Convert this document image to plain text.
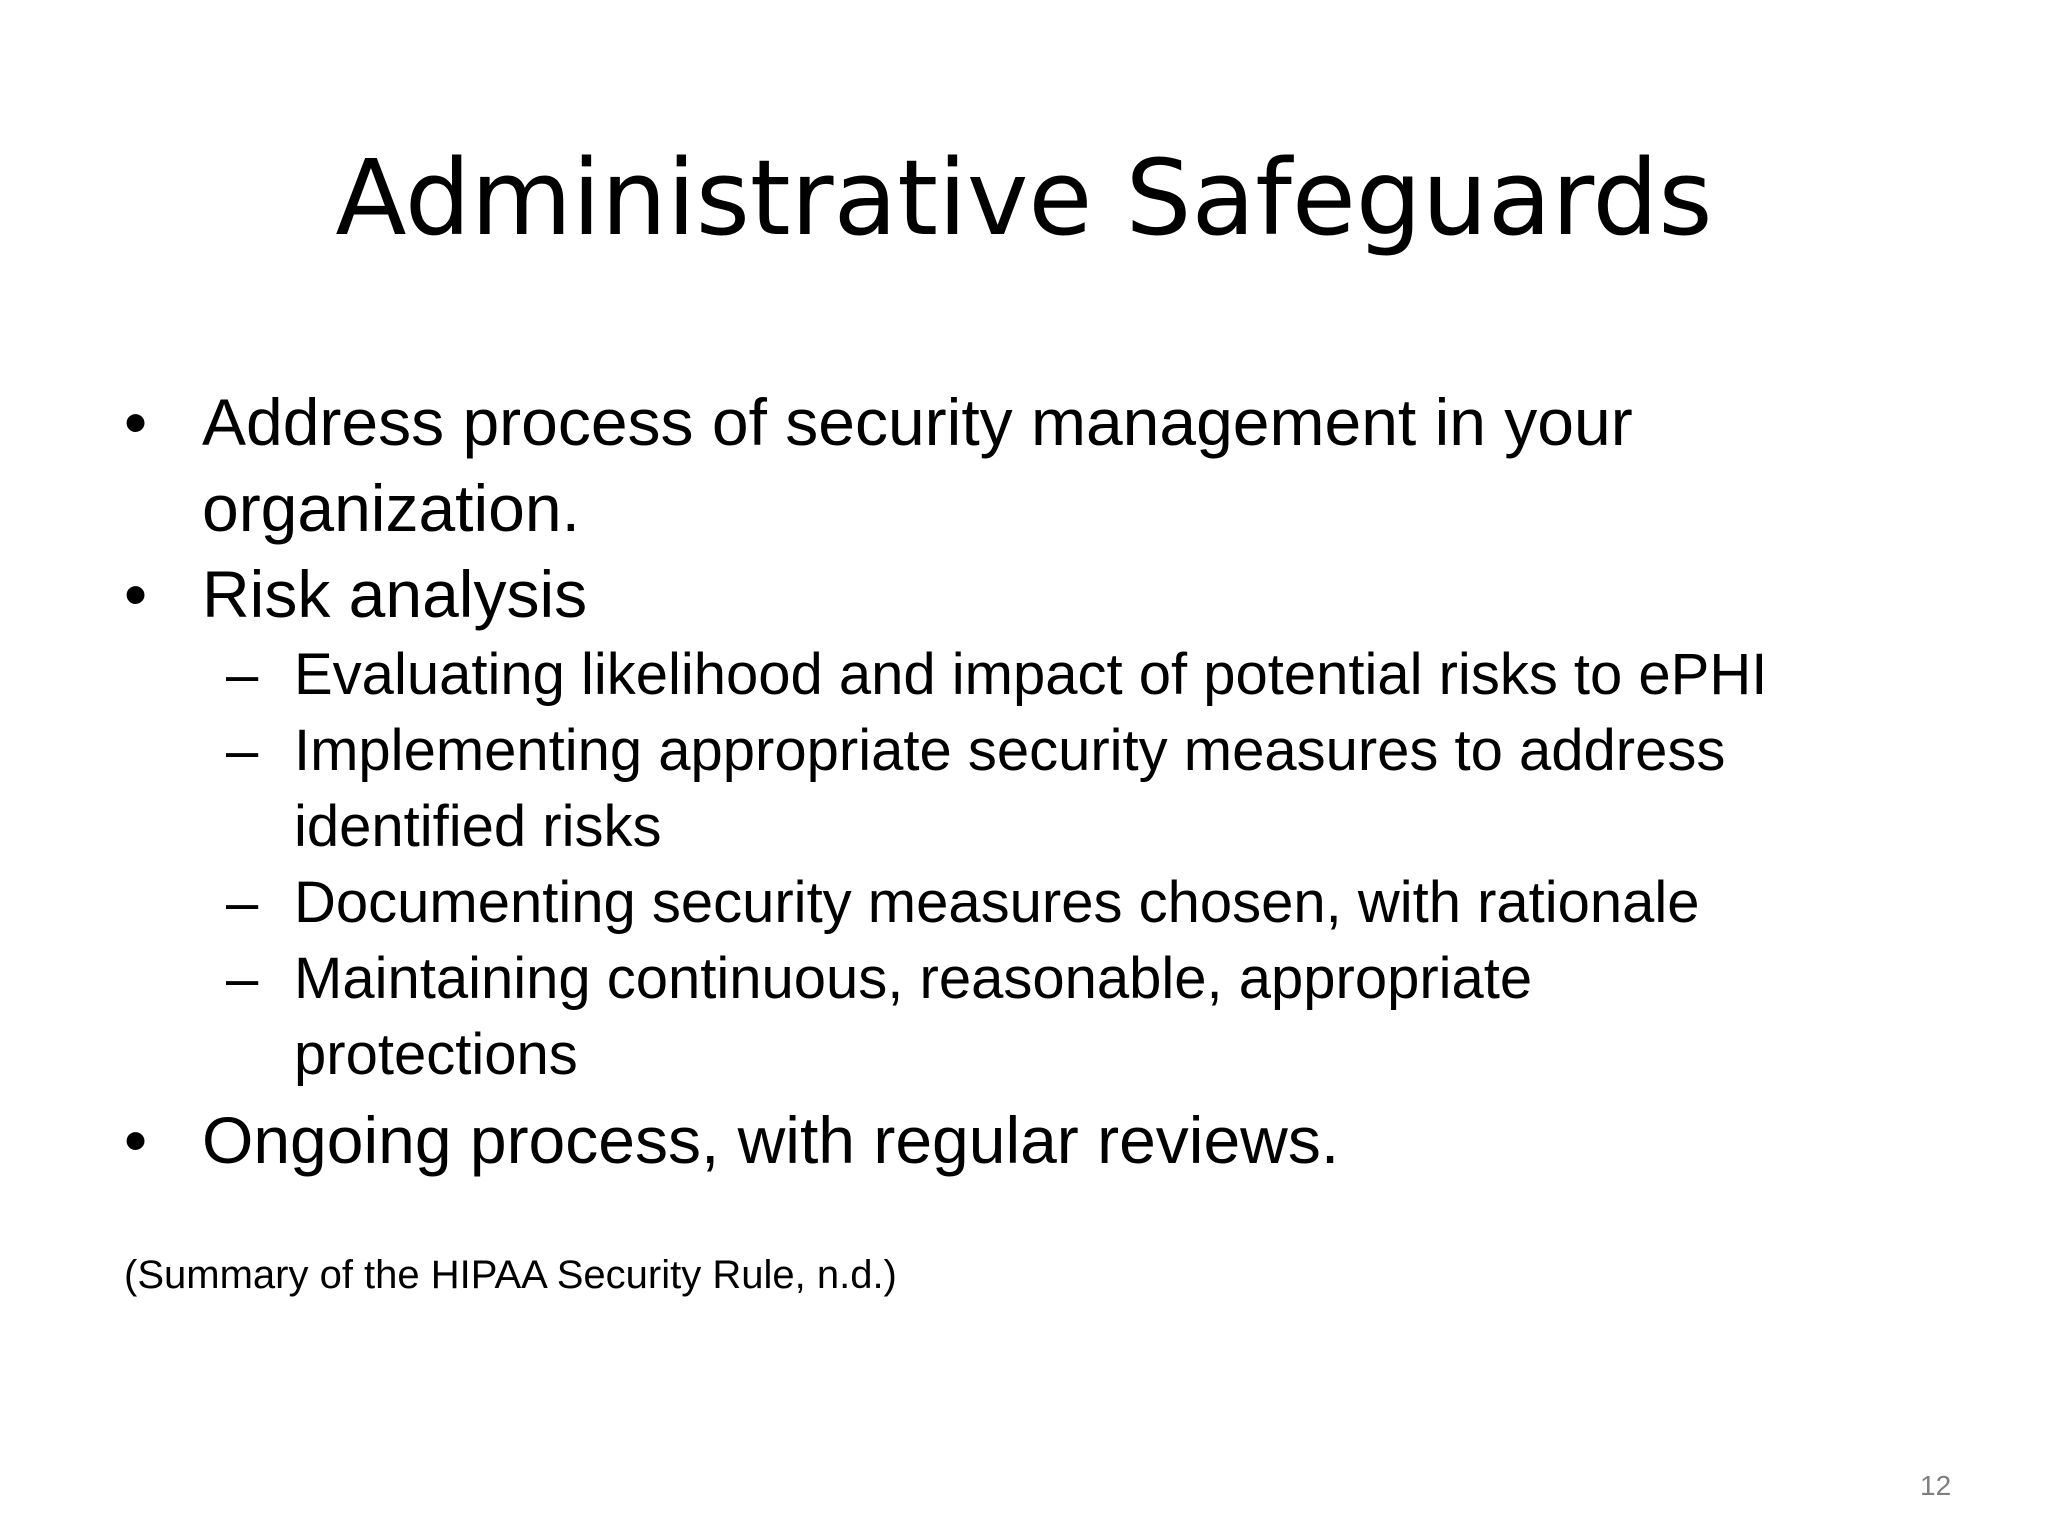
Administrative Safeguards
• Address process of security management in your
organization.
• Risk analysis
– Evaluating likelihood and impact of potential risks to ePHI
– Implementing appropriate security measures to address
identified risks
– Documenting security measures chosen, with rationale
– Maintaining continuous, reasonable, appropriate
protections
• Ongoing process, with regular reviews.
(Summary of the HIPAA Security Rule, n.d.)
12
